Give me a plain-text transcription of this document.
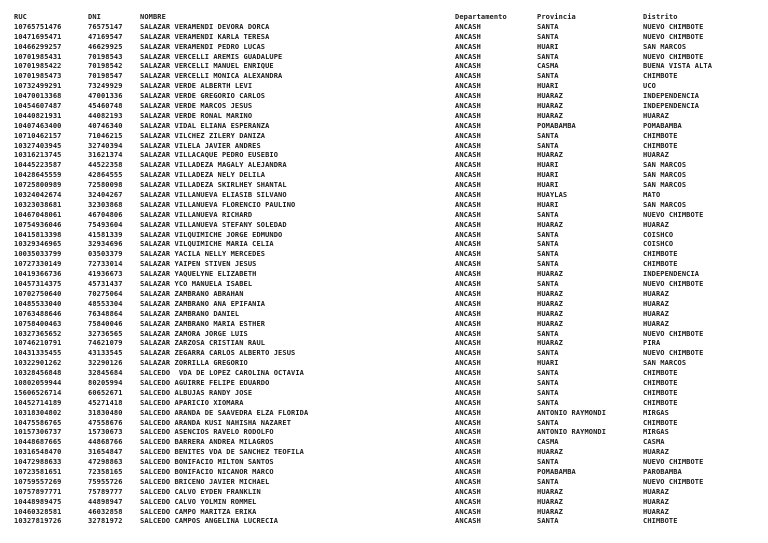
RUC	DNI	NOMBRE	Departamento	Provincia	Distrito
10765751476	76575147	SALAZAR VERAMENDI DEVORA DORCA	ANCASH	SANTA	NUEVO CHIMBOTE
10471695471	47169547	SALAZAR VERAMENDI KARLA TERESA	ANCASH	SANTA	NUEVO CHIMBOTE
10466299257	46629925	SALAZAR VERAMENDI PEDRO LUCAS	ANCASH	HUARI	SAN MARCOS
10701985431	70198543	SALAZAR VERCELLI AREMIS GUADALUPE	ANCASH	SANTA	NUEVO CHIMBOTE
10701985422	70198542	SALAZAR VERCELLI MANUEL ENRIQUE	ANCASH	CASMA	BUENA VISTA ALTA
10701985473	70198547	SALAZAR VERCELLI MONICA ALEXANDRA	ANCASH	SANTA	CHIMBOTE
10732499291	73249929	SALAZAR VERDE ALBERTH LEVI	ANCASH	HUARI	UCO
10470013368	47001336	SALAZAR VERDE GREGORIO CARLOS	ANCASH	HUARAZ	INDEPENDENCIA
10454607487	45460748	SALAZAR VERDE MARCOS JESUS	ANCASH	HUARAZ	INDEPENDENCIA
10440821931	44082193	SALAZAR VERDE RONAL MARINO	ANCASH	HUARAZ	HUARAZ
10407463400	40746340	SALAZAR VIDAL ELIANA ESPERANZA	ANCASH	POMABAMBA	POMABAMBA
10710462157	71046215	SALAZAR VILCHEZ ZILERY DANIZA	ANCASH	SANTA	CHIMBOTE
10327403945	32740394	SALAZAR VILELA JAVIER ANDRES	ANCASH	SANTA	CHIMBOTE
10316213745	31621374	SALAZAR VILLACAQUE PEDRO EUSEBIO	ANCASH	HUARAZ	HUARAZ
10445223587	44522358	SALAZAR VILLADEZA MAGALY ALEJANDRA	ANCASH	HUARI	SAN MARCOS
10428645559	42864555	SALAZAR VILLADEZA NELY DELILA	ANCASH	HUARI	SAN MARCOS
10725800989	72580098	SALAZAR VILLADEZA SKIRLHEY SHANTAL	ANCASH	HUARI	SAN MARCOS
10324042674	32404267	SALAZAR VILLANUEVA ELIASIB SILVANO	ANCASH	HUAYLAS	MATO
10323038681	32303868	SALAZAR VILLANUEVA FLORENCIO PAULINO	ANCASH	HUARI	SAN MARCOS
10467048061	46704806	SALAZAR VILLANUEVA RICHARD	ANCASH	SANTA	NUEVO CHIMBOTE
10754936046	75493604	SALAZAR VILLANUEVA STEFANY SOLEDAD	ANCASH	HUARAZ	HUARAZ
10415813398	41581339	SALAZAR VILQUIMICHE JORGE EDMUNDO	ANCASH	SANTA	COISHCO
10329346965	32934696	SALAZAR VILQUIMICHE MARIA CELIA	ANCASH	SANTA	COISHCO
10035033799	03503379	SALAZAR YACILA NELLY MERCEDES	ANCASH	SANTA	CHIMBOTE
10727330149	72733014	SALAZAR YAIPEN STIVEN JESUS	ANCASH	SANTA	CHIMBOTE
10419366736	41936673	SALAZAR YAQUELYNE ELIZABETH	ANCASH	HUARAZ	INDEPENDENCIA
10457314375	45731437	SALAZAR YCO MANUELA ISABEL	ANCASH	SANTA	NUEVO CHIMBOTE
10702750640	70275064	SALAZAR ZAMBRANO ABRAHAN	ANCASH	HUARAZ	HUARAZ
10485533040	48553304	SALAZAR ZAMBRANO ANA EPIFANIA	ANCASH	HUARAZ	HUARAZ
10763488646	76348864	SALAZAR ZAMBRANO DANIEL	ANCASH	HUARAZ	HUARAZ
10758400463	75840046	SALAZAR ZAMBRANO MARIA ESTHER	ANCASH	HUARAZ	HUARAZ
10327365652	32736565	SALAZAR ZAMORA JORGE LUIS	ANCASH	SANTA	NUEVO CHIMBOTE
10746210791	74621079	SALAZAR ZARZOSA CRISTIAN RAUL	ANCASH	HUARAZ	PIRA
10431335455	43133545	SALAZAR ZEGARRA CARLOS ALBERTO JESUS	ANCASH	SANTA	NUEVO CHIMBOTE
10322901262	32290126	SALAZAR ZORRILLA GREGORIO	ANCASH	HUARI	SAN MARCOS
10328456848	32845684	SALCEDO  VDA DE LOPEZ CAROLINA OCTAVIA	ANCASH	SANTA	CHIMBOTE
10802059944	80205994	SALCEDO AGUIRRE FELIPE EDUARDO	ANCASH	SANTA	CHIMBOTE
15606526714	60652671	SALCEDO ALBUJAS RANDY JOSE	ANCASH	SANTA	CHIMBOTE
10452714189	45271418	SALCEDO APARICIO XIOMARA	ANCASH	SANTA	CHIMBOTE
10318304802	31830480	SALCEDO ARANDA DE SAAVEDRA ELZA FLORIDA	ANCASH	ANTONIO RAYMONDI	MIRGAS
10475586765	47558676	SALCEDO ARANDA KUSI NAHISHA NAZARET	ANCASH	SANTA	CHIMBOTE
10157306737	15730673	SALCEDO ASENCIOS RAVELO RODOLFO	ANCASH	ANTONIO RAYMONDI	MIRGAS
10448687665	44868766	SALCEDO BARRERA ANDREA MILAGROS	ANCASH	CASMA	CASMA
10316548470	31654847	SALCEDO BENITES VDA DE SANCHEZ TEOFILA	ANCASH	HUARAZ	HUARAZ
10472988633	47298863	SALCEDO BONIFACIO MILTON SANTOS	ANCASH	SANTA	NUEVO CHIMBOTE
10723581651	72358165	SALCEDO BONIFACIO NICANOR MARCO	ANCASH	POMABAMBA	PAROBAMBA
10759557269	75955726	SALCEDO BRICEÑO JAVIER MICHAEL	ANCASH	SANTA	NUEVO CHIMBOTE
10757897771	75789777	SALCEDO CALVO EYDEN FRANKLIN	ANCASH	HUARAZ	HUARAZ
10448989475	44898947	SALCEDO CALVO YOLMIN ROMMEL	ANCASH	HUARAZ	HUARAZ
10460328581	46032858	SALCEDO CAMPO MARITZA ERIKA	ANCASH	HUARAZ	HUARAZ
10327819726	32781972	SALCEDO CAMPOS ANGELINA LUCRECIA	ANCASH	SANTA	CHIMBOTE
